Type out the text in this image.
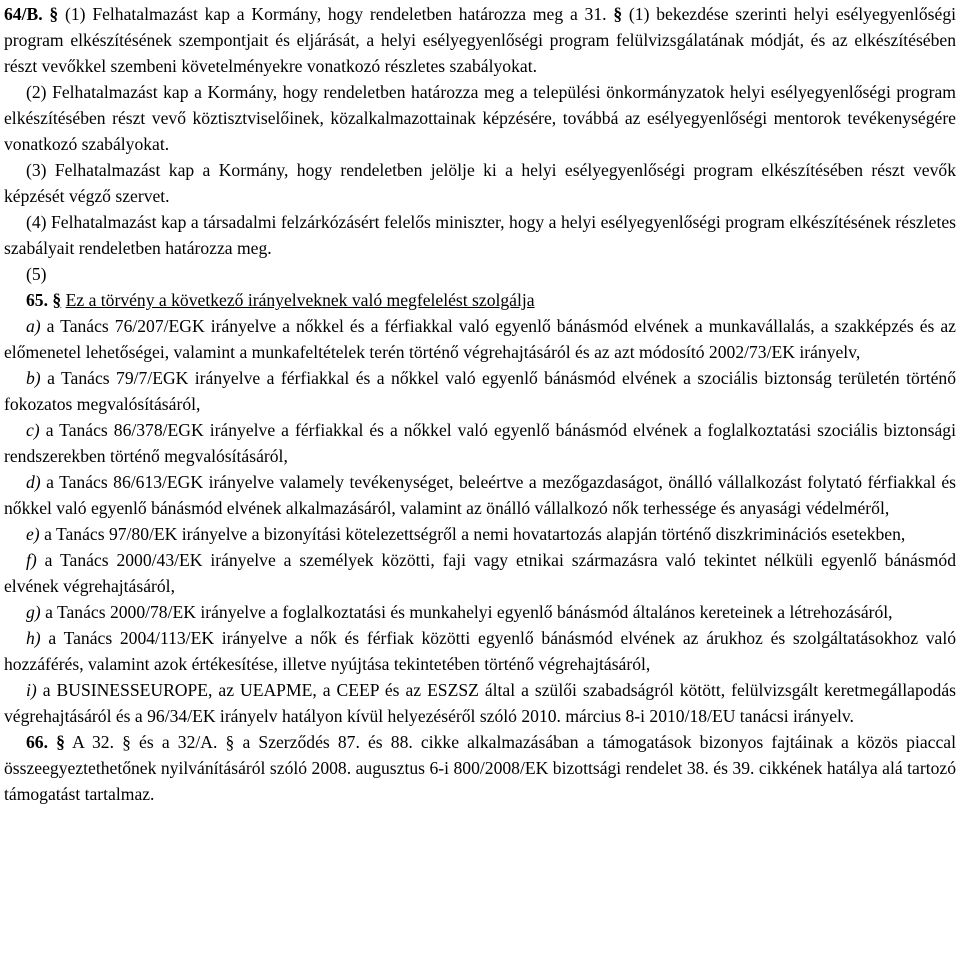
64/B. § (1) Felhatalmazást kap a Kormány, hogy rendeletben határozza meg a 31. § (1) bekezdése szerinti helyi esélyegyenlőségi program elkészítésének szempontjait és eljárását, a helyi esélyegyenlőségi program felülvizsgálatának módját, és az elkészítésében részt vevőkkel szembeni követelményekre vonatkozó részletes szabályokat.

(2) Felhatalmazást kap a Kormány, hogy rendeletben határozza meg a települési önkormányzatok helyi esélyegyenlőségi program elkészítésében részt vevő köztisztviselőinek, közalkalmazottainak képzésére, továbbá az esélyegyenlőségi mentorok tevékenységére vonatkozó szabályokat.

(3) Felhatalmazást kap a Kormány, hogy rendeletben jelölje ki a helyi esélyegyenlőségi program elkészítésében részt vevők képzését végző szervet.

(4) Felhatalmazást kap a társadalmi felzárkózásért felelős miniszter, hogy a helyi esélyegyenlőségi program elkészítésének részletes szabályait rendeletben határozza meg.

(5)

65. § Ez a törvény a következő irányelveknek való megfelelést szolgálja

a) a Tanács 76/207/EGK irányelve a nőkkel és a férfiakkal való egyenlő bánásmód elvének a munkavállalás, a szakképzés és az előmenetel lehetőségei, valamint a munkafeltételek terén történő végrehajtásáról és az azt módosító 2002/73/EK irányelv,

b) a Tanács 79/7/EGK irányelve a férfiakkal és a nőkkel való egyenlő bánásmód elvének a szociális biztonság területén történő fokozatos megvalósításáról,

c) a Tanács 86/378/EGK irányelve a férfiakkal és a nőkkel való egyenlő bánásmód elvének a foglalkoztatási szociális biztonsági rendszerekben történő megvalósításáról,

d) a Tanács 86/613/EGK irányelve valamely tevékenységet, beleértve a mezőgazdaságot, önálló vállalkozást folytató férfiakkal és nőkkel való egyenlő bánásmód elvének alkalmazásáról, valamint az önálló vállalkozó nők terhessége és anyasági védelméről,

e) a Tanács 97/80/EK irányelve a bizonyítási kötelezettségről a nemi hovatartozás alapján történő diszkriminációs esetekben,

f) a Tanács 2000/43/EK irányelve a személyek közötti, faji vagy etnikai származásra való tekintet nélküli egyenlő bánásmód elvének végrehajtásáról,

g) a Tanács 2000/78/EK irányelve a foglalkoztatási és munkahelyi egyenlő bánásmód általános kereteinek a létrehozásáról,

h) a Tanács 2004/113/EK irányelve a nők és férfiak közötti egyenlő bánásmód elvének az árukhoz és szolgáltatásokhoz való hozzáférés, valamint azok értékesítése, illetve nyújtása tekintetében történő végrehajtásáról,

i) a BUSINESSEUROPE, az UEAPME, a CEEP és az ESZSZ által a szülői szabadságról kötött, felülvizsgált keretmegállapodás végrehajtásáról és a 96/34/EK irányelv hatályon kívül helyezéséről szóló 2010. március 8-i 2010/18/EU tanácsi irányelv.

66. § A 32. § és a 32/A. § a Szerződés 87. és 88. cikke alkalmazásában a támogatások bizonyos fajtáinak a közös piaccal összeegyeztethetőnek nyilvánításáról szóló 2008. augusztus 6-i 800/2008/EK bizottsági rendelet 38. és 39. cikkének hatálya alá tartozó támogatást tartalmaz.
